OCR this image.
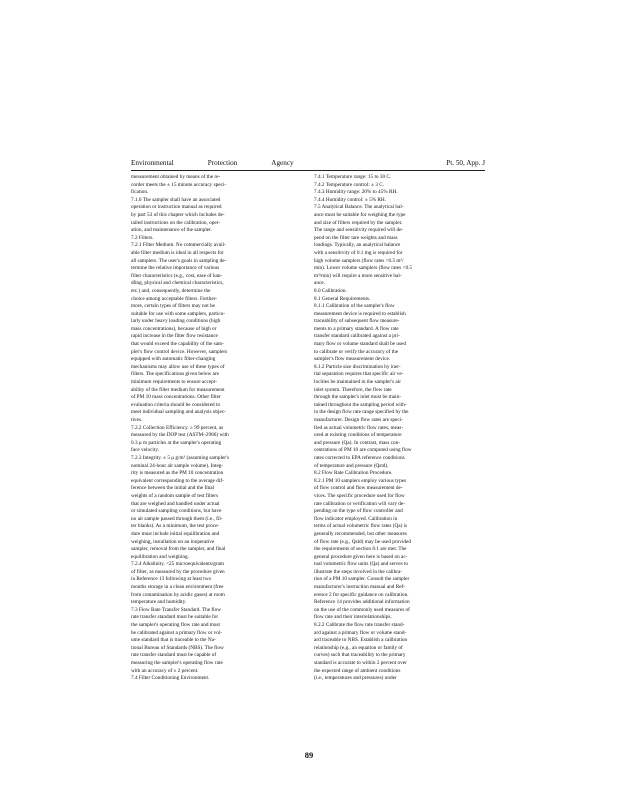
Environmental	Protection	Agency	Pt. 50, App. J

measurement obtained by means of the re-

corder meets the ± 15 minute accuracy speci-

fication.

7.1.6 The sampler shall have an associated

operation or instruction manual as required

by part 53 of this chapter which includes de-

tailed instructions on the calibration, oper-

ation, and maintenance of the sampler.

7.2 Filters.

7.2.1 Filter Medium. No commercially avail-

able filter medium is ideal in all respects for

all samplers. The user's goals in sampling de-

termine the relative importance of various

filter characteristics (e.g., cost, ease of han-

dling, physical and chemical characteristics,

etc.) and, consequently, determine the

choice among acceptable filters. Further-

more, certain types of filters may not be

suitable for use with some samplers, particu-

larly under heavy loading conditions (high

mass concentrations), because of high or

rapid increase in the filter flow resistance

that would exceed the capability of the sam-

pler's flow control device. However, samplers

equipped with automatic filter-changing

mechanisms may allow use of these types of

filters. The specifications given below are

minimum requirements to ensure accept-

ability of the filter medium for measurement

of PM 10 mass concentrations. Other filter

evaluation criteria should be considered to

meet individual sampling and analysis objec-

tives.

7.2.2 Collection Efficiency. ≥ 99 percent, as

measured by the DOP test (ASTM–2986) with

0.3 μ m particles at the sampler's operating

face velocity.

7.2.3 Integrity. ± 5 μ g/m³ (assuming sampler's

nominal 24-hour air sample volume). Integ-

rity is measured as the PM 10 concentration

equivalent corresponding to the average dif-

ference between the initial and the final

weights of a random sample of test filters

that are weighed and handled under actual

or simulated sampling conditions, but have

no air sample passed through them (i.e., fil-

ter blanks). As a minimum, the test proce-

dure must include initial equilibration and

weighing, installation on an inoperative

sampler, removal from the sampler, and final

equilibration and weighing.

7.2.4 Alkalinity. <25 microequivalents/gram

of filter, as measured by the procedure given

in Reference 13 following at least two

months storage in a clean environment (free

from contamination by acidic gases) at room

temperature and humidity.

7.3 Flow Rate Transfer Standard. The flow

rate transfer standard must be suitable for

the sampler's operating flow rate and must

be calibrated against a primary flow or vol-

ume standard that is traceable to the Na-

tional Bureau of Standards (NBS). The flow

rate transfer standard must be capable of

measuring the sampler's operating flow rate

with an accuracy of ± 2 percent.

7.4 Filter Conditioning Environment.

7.4.1 Temperature range: 15 to 30 C.

7.4.2 Temperature control: ± 3 C.

7.4.3 Humidity range: 20% to 45% RH.

7.4.4 Humidity control: ± 5% RH.

7.5 Analytical Balance. The analytical bal-

ance must be suitable for weighing the type

and size of filters required by the sampler.

The range and sensitivity required will de-

pend on the filter tare weights and mass

loadings. Typically, an analytical balance

with a sensitivity of 0.1 mg is required for

high volume samplers (flow rates >0.5 m³/

min). Lower volume samplers (flow rates <0.5

m³/min) will require a more sensitive bal-

ance.

8.0 Calibration.

8.1 General Requirements.

8.1.1 Calibration of the sampler's flow

measurement device is required to establish

traceability of subsequent flow measure-

ments to a primary standard. A flow rate

transfer standard calibrated against a pri-

mary flow or volume standard shall be used

to calibrate or verify the accuracy of the

sampler's flow measurement device.

8.1.2 Particle size discrimination by iner-

tial separation requires that specific air ve-

locities be maintained in the sampler's air

inlet system. Therefore, the flow rate

through the sampler's inlet must be main-

tained throughout the sampling period with-

in the design flow rate range specified by the

manufacturer. Design flow rates are speci-

fied as actual volumetric flow rates, meas-

ured at existing conditions of temperature

and pressure (Qa). In contrast, mass con-

centrations of PM 10 are computed using flow

rates corrected to EPA reference conditions

of temperature and pressure (Qstd).

8.2 Flow Rate Calibration Procedure.

8.2.1 PM 10 samplers employ various types

of flow control and flow measurement de-

vices. The specific procedure used for flow

rate calibration or verification will vary de-

pending on the type of flow controller and

flow indicator employed. Calibration in

terms of actual volumetric flow rates (Qa) is

generally recommended, but other measures

of flow rate (e.g., Qstd) may be used provided

the requirements of section 8.1 are met. The

general procedure given here is based on ac-

tual volumetric flow units (Qa) and serves to

illustrate the steps involved in the calibra-

tion of a PM 10 sampler. Consult the sampler

manufacturer's instruction manual and Ref-

erence 2 for specific guidance on calibration.

Reference 14 provides additional information

on the use of the commonly used measures of

flow rate and their interrelationships.

8.2.2 Calibrate the flow rate transfer stand-

ard against a primary flow or volume stand-

ard traceable to NBS. Establish a calibration

relationship (e.g., an equation or family of

curves) such that traceability to the primary

standard is accurate to within 2 percent over

the expected range of ambient conditions

(i.e., temperatures and pressures) under

89
